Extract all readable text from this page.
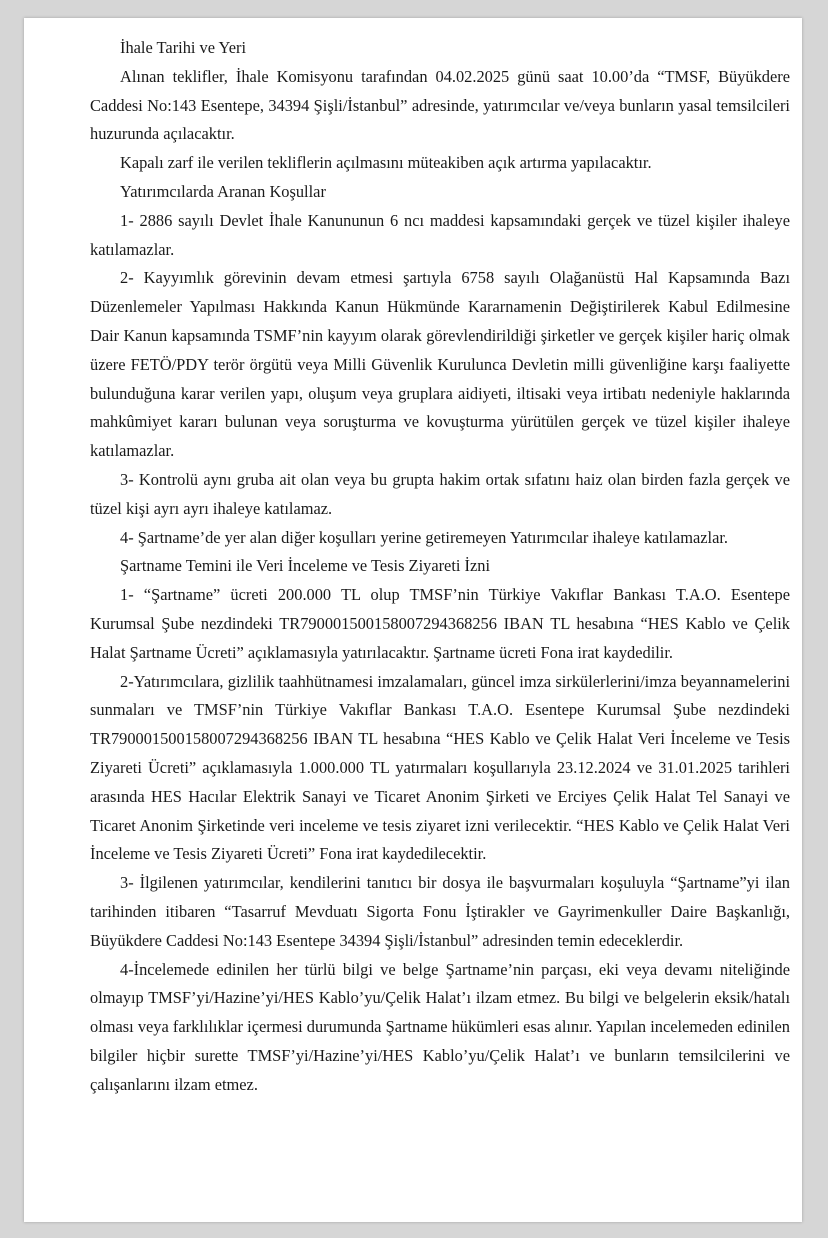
İhale Tarihi ve Yeri

Alınan teklifler, İhale Komisyonu tarafından 04.02.2025 günü saat 10.00’da “TMSF, Büyükdere Caddesi No:143 Esentepe, 34394 Şişli/İstanbul” adresinde, yatırımcılar ve/veya bunların yasal temsilcileri huzurunda açılacaktır.

Kapalı zarf ile verilen tekliflerin açılmasını müteakiben açık artırma yapılacaktır.

Yatırımcılarda Aranan Koşullar

1- 2886 sayılı Devlet İhale Kanununun 6 ncı maddesi kapsamındaki gerçek ve tüzel kişiler ihaleye katılamazlar.

2- Kayyımlık görevinin devam etmesi şartıyla 6758 sayılı Olağanüstü Hal Kapsamında Bazı Düzenlemeler Yapılması Hakkında Kanun Hükmünde Kararnamenin Değiştirilerek Kabul Edilmesine Dair Kanun kapsamında TSMF’nin kayyım olarak görevlendirildiği şirketler ve gerçek kişiler hariç olmak üzere FETÖ/PDY terör örgütü veya Milli Güvenlik Kurulunca Devletin milli güvenliğine karşı faaliyette bulunduğuna karar verilen yapı, oluşum veya gruplara aidiyeti, iltisaki veya irtibatı nedeniyle haklarında mahkûmiyet kararı bulunan veya soruşturma ve kovuşturma yürütülen gerçek ve tüzel kişiler ihaleye katılamazlar.

3- Kontrolü aynı gruba ait olan veya bu grupta hakim ortak sıfatını haiz olan birden fazla gerçek ve tüzel kişi ayrı ayrı ihaleye katılamaz.

4- Şartname’de yer alan diğer koşulları yerine getiremeyen Yatırımcılar ihaleye katılamazlar.

Şartname Temini ile Veri İnceleme ve Tesis Ziyareti İzni

1- “Şartname” ücreti 200.000 TL olup TMSF’nin Türkiye Vakıflar Bankası T.A.O. Esentepe Kurumsal Şube nezdindeki TR790001500158007294368256 IBAN TL hesabına “HES Kablo ve Çelik Halat Şartname Ücreti” açıklamasıyla yatırılacaktır. Şartname ücreti Fona irat kaydedilir.

2-Yatırımcılara, gizlilik taahhütnamesi imzalamaları, güncel imza sirkülerlerini/imza beyannamelerini sunmaları ve TMSF’nin Türkiye Vakıflar Bankası T.A.O. Esentepe Kurumsal Şube nezdindeki TR790001500158007294368256 IBAN TL hesabına “HES Kablo ve Çelik Halat Veri İnceleme ve Tesis Ziyareti Ücreti” açıklamasıyla 1.000.000 TL yatırmaları koşullarıyla 23.12.2024 ve 31.01.2025 tarihleri arasında HES Hacılar Elektrik Sanayi ve Ticaret Anonim Şirketi ve Erciyes Çelik Halat Tel Sanayi ve Ticaret Anonim Şirketinde veri inceleme ve tesis ziyaret izni verilecektir. “HES Kablo ve Çelik Halat Veri İnceleme ve Tesis Ziyareti Ücreti” Fona irat kaydedilecektir.

3- İlgilenen yatırımcılar, kendilerini tanıtıcı bir dosya ile başvurmaları koşuluyla “Şartname”yi ilan tarihinden itibaren “Tasarruf Mevduatı Sigorta Fonu İştirakler ve Gayrimenkuller Daire Başkanlığı, Büyükdere Caddesi No:143 Esentepe 34394 Şişli/İstanbul” adresinden temin edeceklerdir.

4-İncelemede edinilen her türlü bilgi ve belge Şartname’nin parçası, eki veya devamı niteliğinde olmayıp TMSF’yi/Hazine’yi/HES Kablo’yu/Çelik Halat’ı ilzam etmez. Bu bilgi ve belgelerin eksik/hatalı olması veya farklılıklar içermesi durumunda Şartname hükümleri esas alınır. Yapılan incelemeden edinilen bilgiler hiçbir surette TMSF’yi/Hazine’yi/HES Kablo’yu/Çelik Halat’ı ve bunların temsilcilerini ve çalışanlarını ilzam etmez.
